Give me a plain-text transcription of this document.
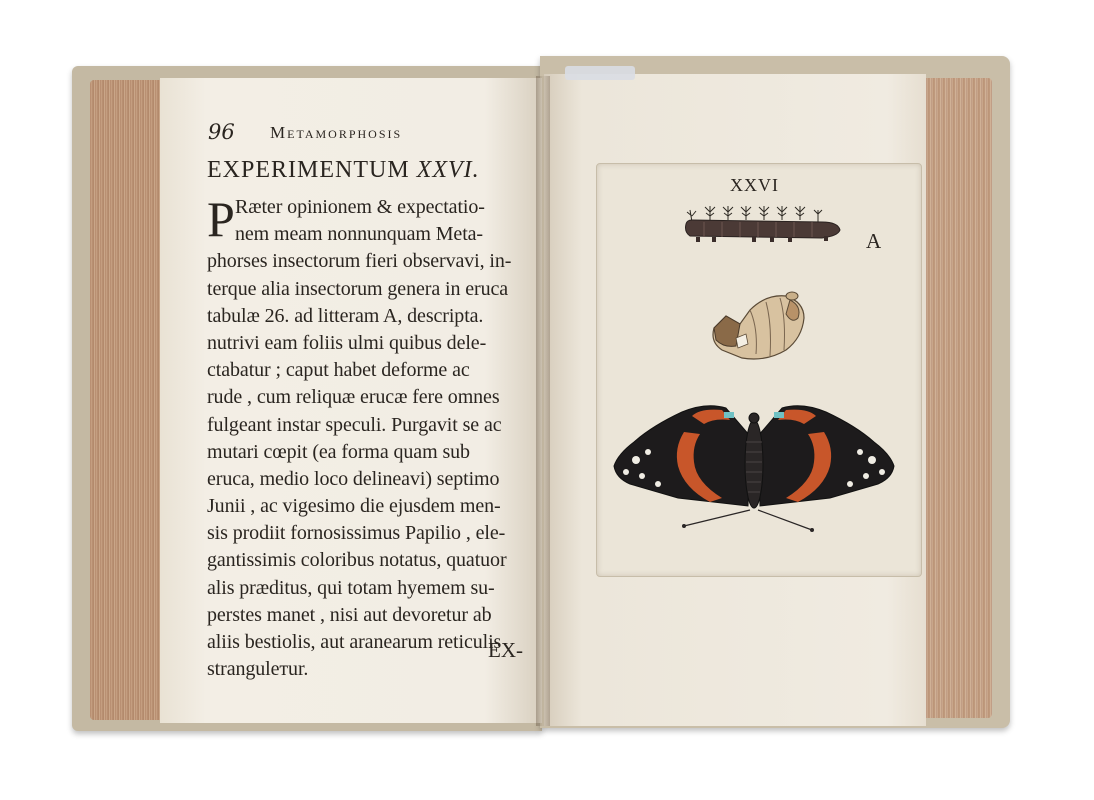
96 Metamorphosis
EXPERIMENTUM XXVI.
P Ræter opinionem & expectatio-
nem meam nonnunquam Meta-
phorses insectorum fieri observavi, in-
terque alia insectorum genera in eruca
tabulæ 26. ad litteram A, descripta.
nutrivi eam foliis ulmi quibus dele-
ctabatur ; caput habet deforme ac
rude , cum reliquæ erucæ fere omnes
fulgeant instar speculi. Purgavit se ac
mutari cœpit (ea forma quam sub
eruca, medio loco delineavi) septimo
Junii , ac vigesimo die ejusdem men-
sis prodiit fornosissimus Papilio , ele-
gantissimis coloribus notatus, quatuor
alis præditus, qui totam hyemem su-
perstes manet , nisi aut devoretur ab
aliis bestiolis, aut aranearum reticulis
strangulетur.
EX-
XXVI
A
